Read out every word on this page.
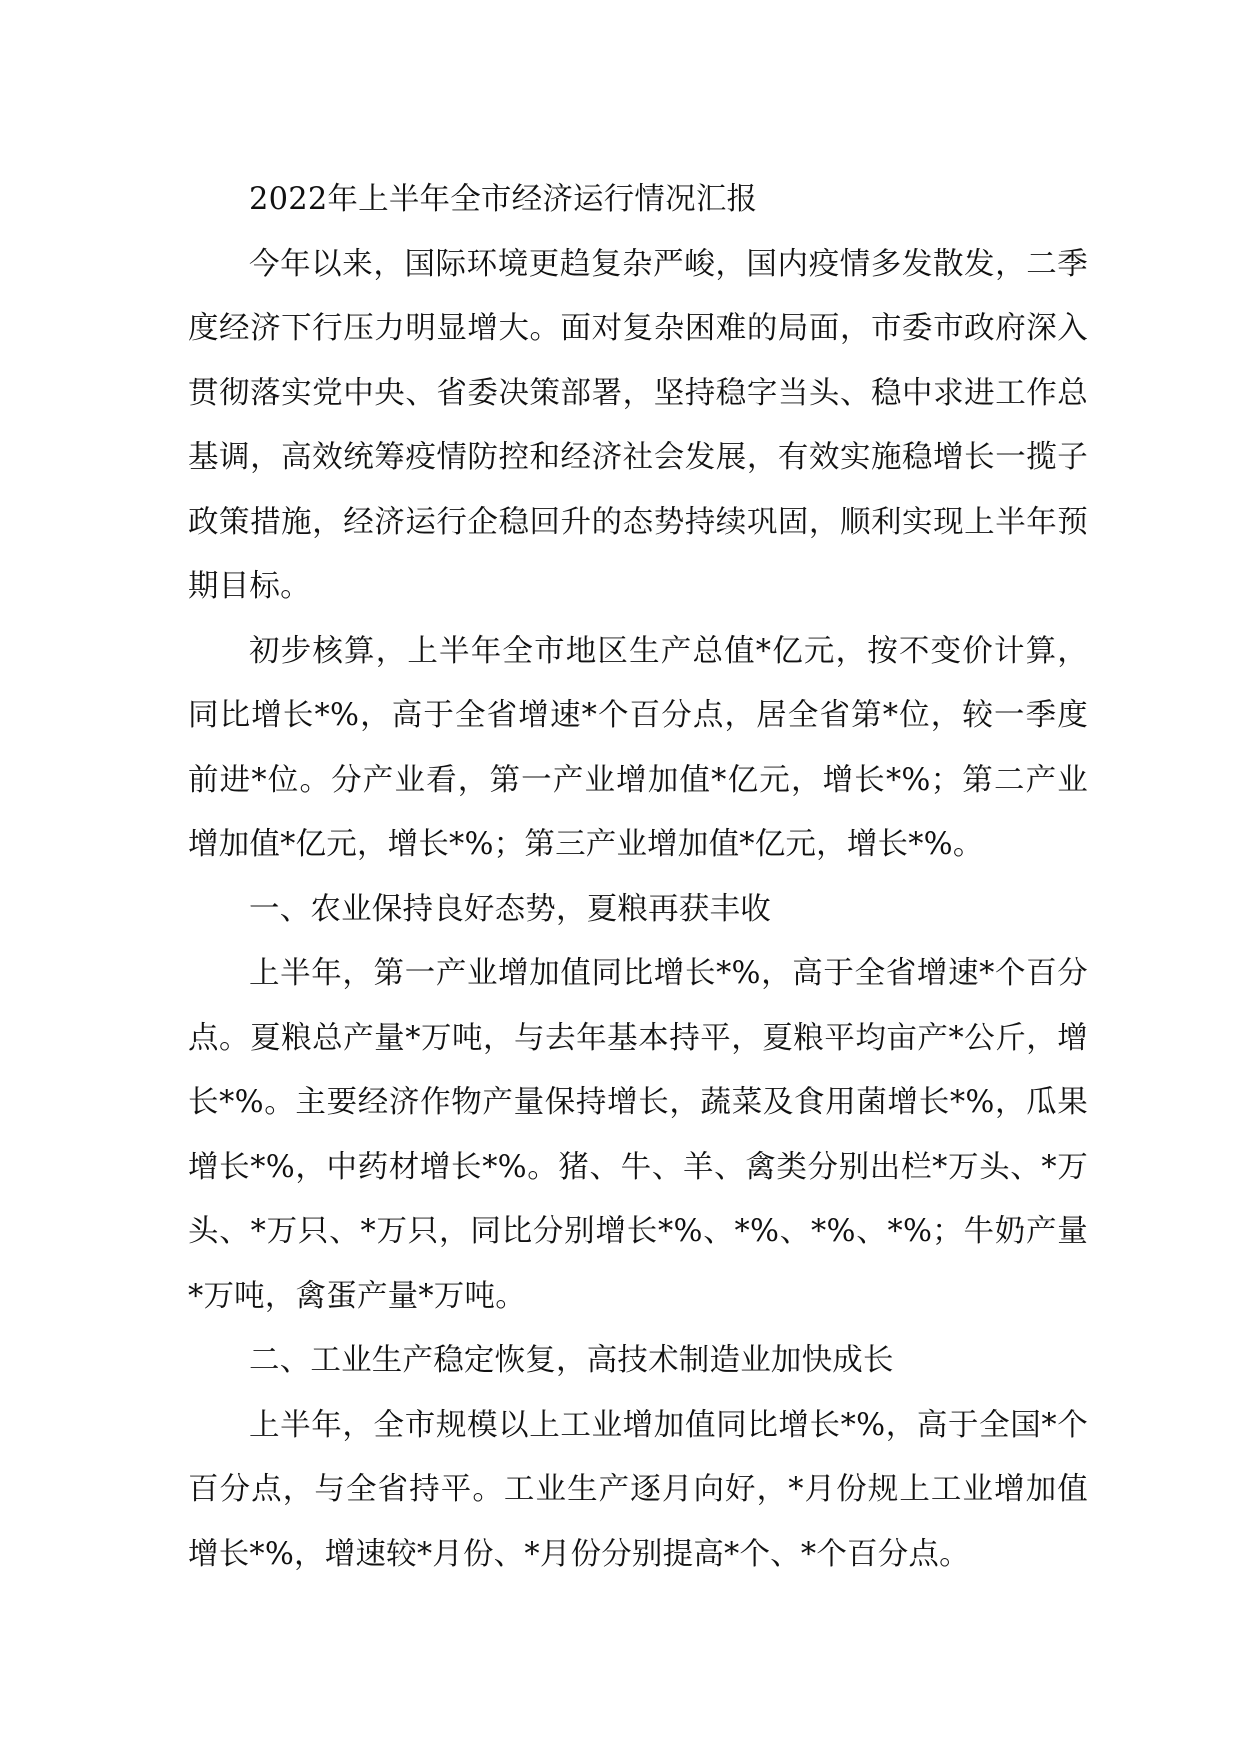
2022年上半年全市经济运行情况汇报

今年以来，国际环境更趋复杂严峻，国内疫情多发散发，二季度经济下行压力明显增大。面对复杂困难的局面，市委市政府深入贯彻落实党中央、省委决策部署，坚持稳字当头、稳中求进工作总基调，高效统筹疫情防控和经济社会发展，有效实施稳增长一揽子政策措施，经济运行企稳回升的态势持续巩固，顺利实现上半年预期目标。

初步核算，上半年全市地区生产总值*亿元，按不变价计算，同比增长*%，高于全省增速*个百分点，居全省第*位，较一季度前进*位。分产业看，第一产业增加值*亿元，增长*%；第二产业增加值*亿元，增长*%；第三产业增加值*亿元，增长*%。

一、农业保持良好态势，夏粮再获丰收

上半年，第一产业增加值同比增长*%，高于全省增速*个百分点。夏粮总产量*万吨，与去年基本持平，夏粮平均亩产*公斤，增长*%。主要经济作物产量保持增长，蔬菜及食用菌增长*%，瓜果增长*%，中药材增长*%。猪、牛、羊、禽类分别出栏*万头、*万头、*万只、*万只，同比分别增长*%、*%、*%、*%；牛奶产量*万吨，禽蛋产量*万吨。

二、工业生产稳定恢复，高技术制造业加快成长

上半年，全市规模以上工业增加值同比增长*%，高于全国*个百分点，与全省持平。工业生产逐月向好，*月份规上工业增加值增长*%，增速较*月份、*月份分别提高*个、*个百分点。
